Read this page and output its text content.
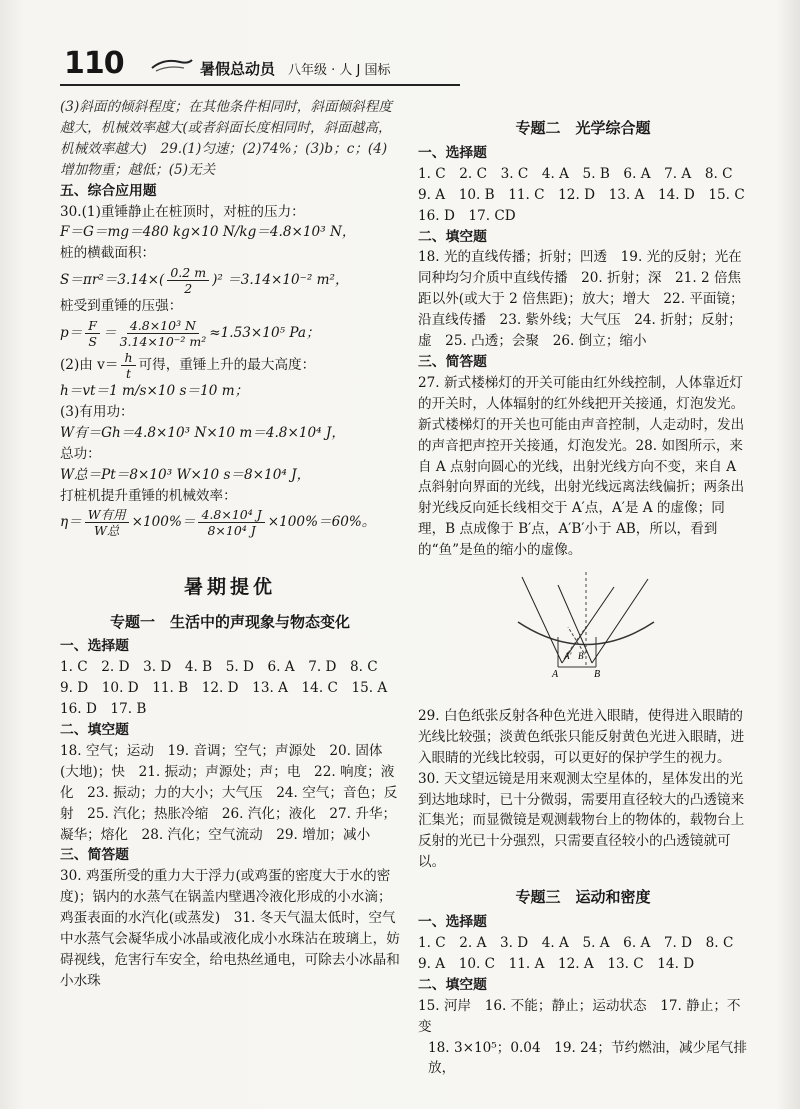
110	暑假总动员 八年级 · 人 J 国标

(3)斜面的倾斜程度；在其他条件相同时，斜面倾斜程度越大，机械效率越大(或者斜面长度相同时，斜面越高，机械效率越大)　29.(1)匀速；(2)74%；(3)b；c；(4)增加物重；越低；(5)无关

五、综合应用题

30.(1)重锤静止在桩顶时，对桩的压力：

F＝G＝mg＝480 kg×10 N/kg＝4.8×10³ N，

桩的横截面积：

$S=\pi r^2=3.14\times( \frac{0.2 m}{2} )^2 =3.14\times 10^{-2}$ m²，

桩受到重锤的压强：

$p= \frac{F}{S} = \frac{\text{4.8×10³ N}}{\text{3.14×10⁻² m²}} \approx 1.53\times 10^5$ Pa；
(2)由 $v= \frac{h}{t}$ 可得，重锤上升的最大高度：

h＝vt＝1 m/s×10 s＝10 m；

(3)有用功：

W有＝Gh＝4.8×10³ N×10 m＝4.8×10⁴ J，

总功：

W总＝Pt＝8×10³ W×10 s＝8×10⁴ J，

打桩机提升重锤的机械效率：

$\eta= \frac{\text{W有用}}{\text{W总}} \times 100\%= \frac{\text{4.8×10⁴ J}}{\text{8×10⁴ J}} \times 100\%=60\%$。
暑期提优
专题一　生活中的声现象与物态变化

一、选择题

1. C　2. D　3. D　4. B　5. D　6. A　7. D　8. C

9. D　10. D　11. B　12. D　13. A　14. C　15. A

16. D　17. B

二、填空题

18. 空气；运动　19. 音调；空气；声源处　20. 固体(大地)；快　21. 振动；声源处；声；电　22. 响度；液化　23. 振动；力的大小；大气压　24. 空气；音色；反射　25. 汽化；热胀冷缩　26. 汽化；液化　27. 升华；凝华；熔化　28. 汽化；空气流动　29. 增加；减小

三、简答题

30. 鸡蛋所受的重力大于浮力(或鸡蛋的密度大于水的密度)；锅内的水蒸气在锅盖内壁遇冷液化形成的小水滴；鸡蛋表面的水汽化(或蒸发)　31. 冬天气温太低时，空气中水蒸气会凝华成小冰晶或液化成小水珠沾在玻璃上，妨碍视线，危害行车安全，给电热丝通电，可除去小冰晶和小水珠

专题二　光学综合题

一、选择题

1. C　2. C　3. C　4. A　5. B　6. A　7. A　8. C

9. A　10. B　11. C　12. D　13. A　14. D　15. C

16. D　17. CD

二、填空题

18. 光的直线传播；折射；凹透　19. 光的反射；光在同种均匀介质中直线传播　20. 折射；深　21. 2 倍焦距以外(或大于 2 倍焦距)；放大；增大　22. 平面镜；沿直线传播　23. 紫外线；大气压　24. 折射；反射；虚　25. 凸透；会聚　26. 倒立；缩小

三、简答题

27. 新式楼梯灯的开关可能由红外线控制，人体靠近灯的开关时，人体辐射的红外线把开关接通，灯泡发光。新式楼梯灯的开关也可能由声音控制，人走动时，发出的声音把声控开关接通，灯泡发光。28. 如图所示，来自 A 点射向圆心的光线，出射光线方向不变，来自 A 点斜射向界面的光线，出射光线远离法线偏折；两条出射光线反向延长线相交于 A′点，A′是 A 的虚像；同理，B 点成像于 B′点，A′B′小于 AB，所以，看到的“鱼”是鱼的缩小的虚像。

A	B
A′ B′

29. 白色纸张反射各种色光进入眼睛，使得进入眼睛的光线比较强；淡黄色纸张只能反射黄色光进入眼睛，进入眼睛的光线比较弱，可以更好的保护学生的视力。　30. 天文望远镜是用来观测太空星体的，星体发出的光到达地球时，已十分微弱，需要用直径较大的凸透镜来汇集光；而显微镜是观测载物台上的物体的，载物台上反射的光已十分强烈，只需要直径较小的凸透镜就可以。

专题三　运动和密度

一、选择题

1. C　2. A　3. D　4. A　5. A　6. A　7. D　8. C

9. A　10. C　11. A　12. A　13. C　14. D

二、填空题

15. 河岸　16. 不能；静止；运动状态　17. 静止；不变

18. 3×10⁵；0.04　19. 24；节约燃油，减少尾气排放，
